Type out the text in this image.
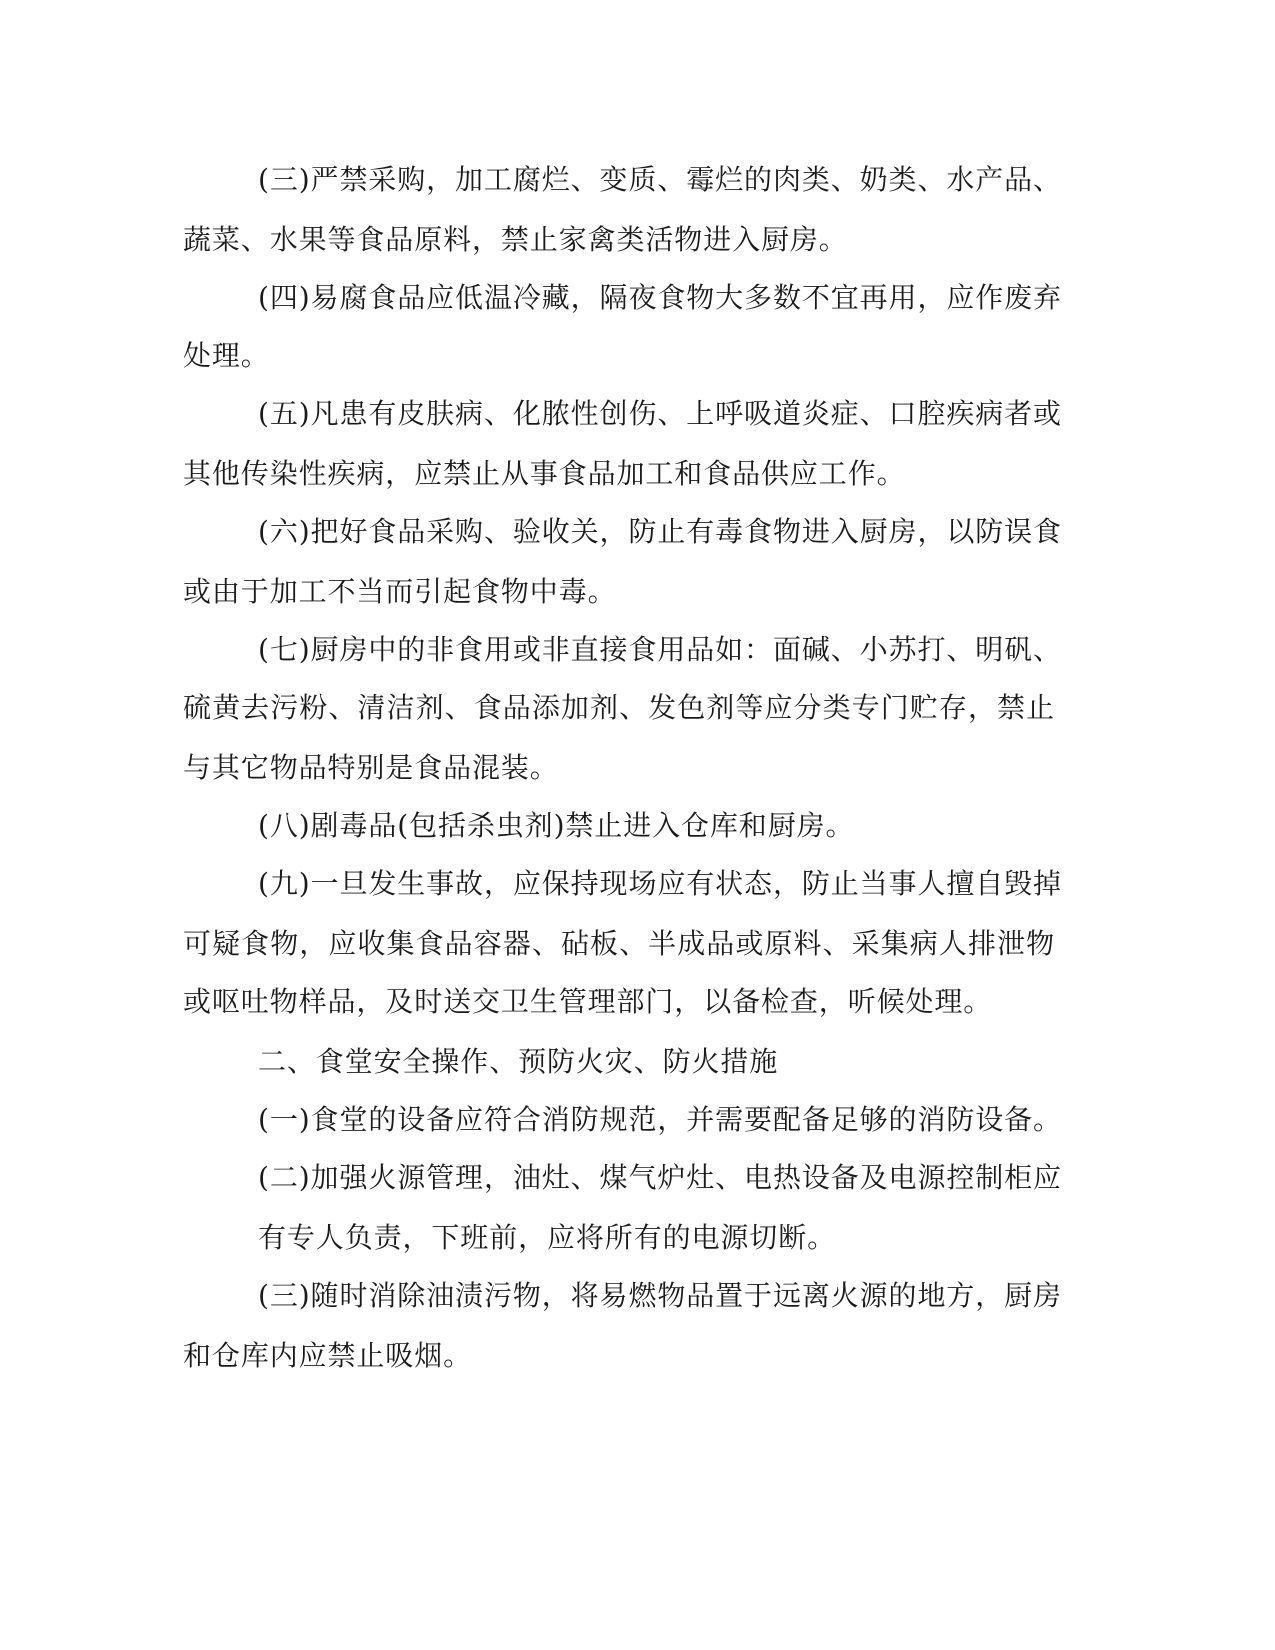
(三)严禁采购，加工腐烂、变质、霉烂的肉类、奶类、水产品、
蔬菜、水果等食品原料，禁止家禽类活物进入厨房。
(四)易腐食品应低温冷藏，隔夜食物大多数不宜再用，应作废弃
处理。
(五)凡患有皮肤病、化脓性创伤、上呼吸道炎症、口腔疾病者或
其他传染性疾病，应禁止从事食品加工和食品供应工作。
(六)把好食品采购、验收关，防止有毒食物进入厨房，以防误食
或由于加工不当而引起食物中毒。
(七)厨房中的非食用或非直接食用品如：面碱、小苏打、明矾、
硫黄去污粉、清洁剂、食品添加剂、发色剂等应分类专门贮存，禁止
与其它物品特别是食品混装。
(八)剧毒品(包括杀虫剂)禁止进入仓库和厨房。
(九)一旦发生事故，应保持现场应有状态，防止当事人擅自毁掉
可疑食物，应收集食品容器、砧板、半成品或原料、采集病人排泄物
或呕吐物样品，及时送交卫生管理部门，以备检查，听候处理。
二、食堂安全操作、预防火灾、防火措施
(一)食堂的设备应符合消防规范，并需要配备足够的消防设备。
(二)加强火源管理，油灶、煤气炉灶、电热设备及电源控制柜应
有专人负责，下班前，应将所有的电源切断。
(三)随时消除油渍污物，将易燃物品置于远离火源的地方，厨房
和仓库内应禁止吸烟。
